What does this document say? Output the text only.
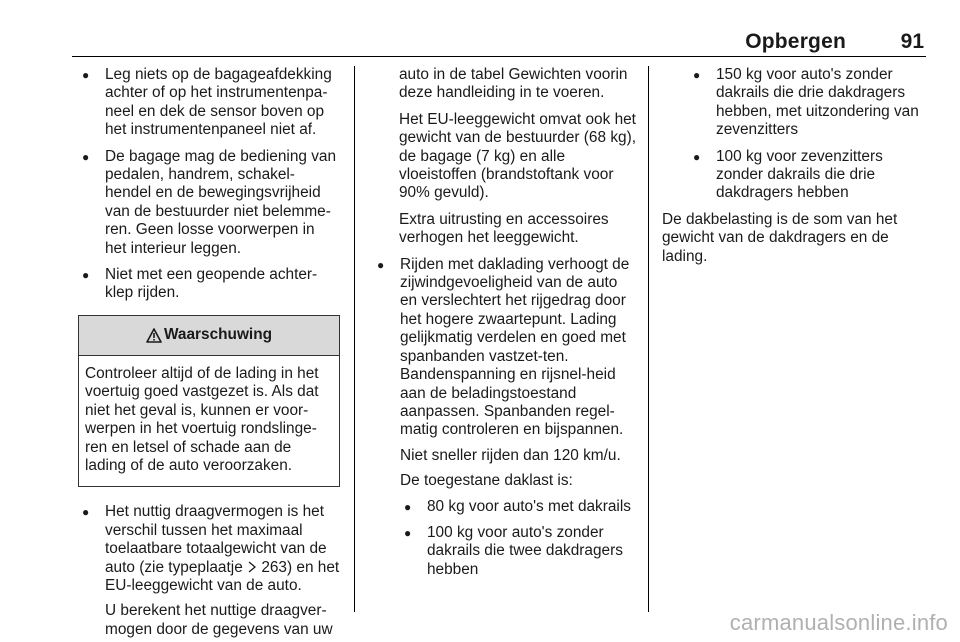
Opbergen	91
● Leg niets op de bagageafdekking achter of op het instrumentenpa-neel en dek de sensor boven op het instrumentenpaneel niet af.
● De bagage mag de bediening van pedalen, handrem, schakel-hendel en de bewegingsvrijheid van de bestuurder niet belemme-ren. Geen losse voorwerpen in het interieur leggen.
● Niet met een geopende achter-klep rijden.
Waarschuwing
Controleer altijd of de lading in het voertuig goed vastgezet is. Als dat niet het geval is, kunnen er voor-werpen in het voertuig rondslinge-ren en letsel of schade aan de lading of de auto veroorzaken.
● Het nuttig draagvermogen is het verschil tussen het maximaal toelaatbare totaalgewicht van de auto (zie typeplaatje  263) en het EU-leeggewicht van de auto.
U berekent het nuttige draagver-mogen door de gegevens van uw
auto in de tabel Gewichten voorin deze handleiding in te voeren.
Het EU-leeggewicht omvat ook het gewicht van de bestuurder (68 kg), de bagage (7 kg) en alle vloeistoffen (brandstoftank voor 90% gevuld).
Extra uitrusting en accessoires verhogen het leeggewicht.
● Rijden met daklading verhoogt de zijwindgevoeligheid van de auto en verslechtert het rijgedrag door het hogere zwaartepunt. Lading gelijkmatig verdelen en goed met spanbanden vastzet-ten. Bandenspanning en rijsnel-heid aan de beladingstoestand aanpassen. Spanbanden regel-matig controleren en bijspannen.
Niet sneller rijden dan 120 km/u.
De toegestane daklast is:
● 80 kg voor auto's met dakrails
● 100 kg voor auto's zonder dakrails die twee dakdragers hebben
● 150 kg voor auto's zonder dakrails die drie dakdragers hebben, met uitzondering van zevenzitters
● 100 kg voor zevenzitters zonder dakrails die drie dakdragers hebben
De dakbelasting is de som van het gewicht van de dakdragers en de lading.
carmanualsonline.info
